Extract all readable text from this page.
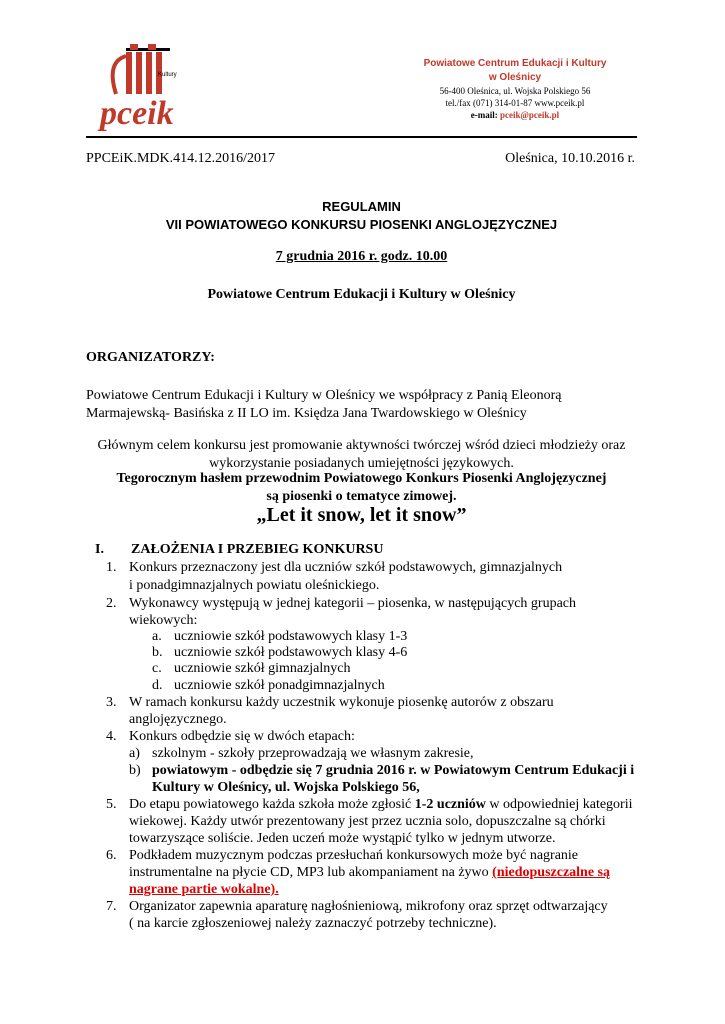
Kultury
pceik
Powiatowe Centrum Edukacji i Kultury
w Oleśnicy
56-400 Oleśnica, ul. Wojska Polskiego 56
tel./fax (071) 314-01-87 www.pceik.pl
e-mail: pceik@pceik.pl
PPCEiK.MDK.414.12.2016/2017	Oleśnica, 10.10.2016 r.
REGULAMIN
VII POWIATOWEGO KONKURSU PIOSENKI ANGLOJĘZYCZNEJ
7 grudnia 2016 r. godz. 10.00
Powiatowe Centrum Edukacji i Kultury w Oleśnicy
ORGANIZATORZY:
Powiatowe Centrum Edukacji i Kultury w Oleśnicy we współpracy z Panią Eleonorą
Marmajewską- Basińska z II LO im. Księdza Jana Twardowskiego w Oleśnicy
Głównym celem konkursu jest promowanie aktywności twórczej wśród dzieci młodzieży oraz
wykorzystanie posiadanych umiejętności językowych.
Tegorocznym hasłem przewodnim Powiatowego Konkurs Piosenki Anglojęzycznej
są piosenki o tematyce zimowej.
„Let it snow, let it snow”
I. ZAŁOŻENIA I PRZEBIEG KONKURSU
1. Konkurs przeznaczony jest dla uczniów szkół podstawowych, gimnazjalnych
i ponadgimnazjalnych powiatu oleśnickiego.
2. Wykonawcy występują w jednej kategorii – piosenka, w następujących grupach
wiekowych:
a. uczniowie szkół podstawowych klasy 1-3
b. uczniowie szkół podstawowych klasy 4-6
c. uczniowie szkół gimnazjalnych
d. uczniowie szkół ponadgimnazjalnych
3. W ramach konkursu każdy uczestnik wykonuje piosenkę autorów z obszaru
anglojęzycznego.
4. Konkurs odbędzie się w dwóch etapach:
a) szkolnym - szkoły przeprowadzają we własnym zakresie,
b) powiatowym - odbędzie się 7 grudnia 2016 r. w Powiatowym Centrum Edukacji i
Kultury w Oleśnicy, ul. Wojska Polskiego 56,
5. Do etapu powiatowego każda szkoła może zgłosić 1-2 uczniów w odpowiedniej kategorii
wiekowej. Każdy utwór prezentowany jest przez ucznia solo, dopuszczalne są chórki
towarzyszące soliście. Jeden uczeń może wystąpić tylko w jednym utworze.
6. Podkładem muzycznym podczas przesłuchań konkursowych może być nagranie
instrumentalne na płycie CD, MP3 lub akompaniament na żywo (niedopuszczalne są
nagrane partie wokalne).
7. Organizator zapewnia aparaturę nagłośnieniową, mikrofony oraz sprzęt odtwarzający
( na karcie zgłoszeniowej należy zaznaczyć potrzeby techniczne).
